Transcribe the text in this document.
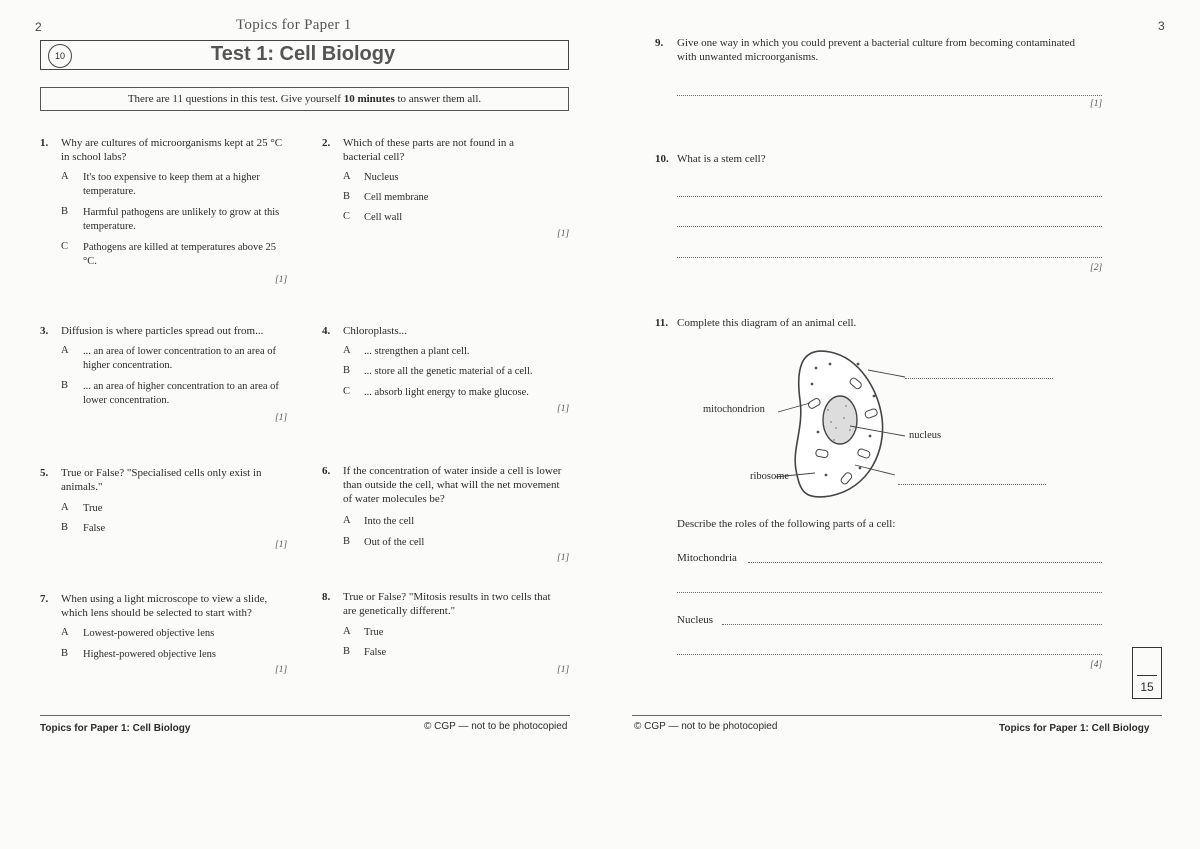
2	Topics for Paper 1
10	Test 1: Cell Biology
There are 11 questions in this test. Give yourself 10 minutes to answer them all.
1. Why are cultures of microorganisms kept at 25 °C in school labs?
A It's too expensive to keep them at a higher temperature.
B Harmful pathogens are unlikely to grow at this temperature.
C Pathogens are killed at temperatures above 25 °C.
[1]
2. Which of these parts are not found in a bacterial cell?
A Nucleus
B Cell membrane
C Cell wall
[1]
3. Diffusion is where particles spread out from...
A ... an area of lower concentration to an area of higher concentration.
B ... an area of higher concentration to an area of lower concentration.
[1]
4. Chloroplasts...
A ... strengthen a plant cell.
B ... store all the genetic material of a cell.
C ... absorb light energy to make glucose.
[1]
5. True or False? "Specialised cells only exist in animals."
A True
B False
[1]
6. If the concentration of water inside a cell is lower than outside the cell, what will the net movement of water molecules be?
A Into the cell
B Out of the cell
[1]
7. When using a light microscope to view a slide, which lens should be selected to start with?
A Lowest-powered objective lens
B Highest-powered objective lens
[1]
8. True or False? "Mitosis results in two cells that are genetically different."
A True
B False
[1]
Topics for Paper 1: Cell Biology	© CGP — not to be photocopied
3
9. Give one way in which you could prevent a bacterial culture from becoming contaminated with unwanted microorganisms.
[1]
10. What is a stem cell?
[2]
11. Complete this diagram of an animal cell.
mitochondrion
nucleus
ribosome
Describe the roles of the following parts of a cell:
Mitochondria
Nucleus
[4]
15
© CGP — not to be photocopied	Topics for Paper 1: Cell Biology
